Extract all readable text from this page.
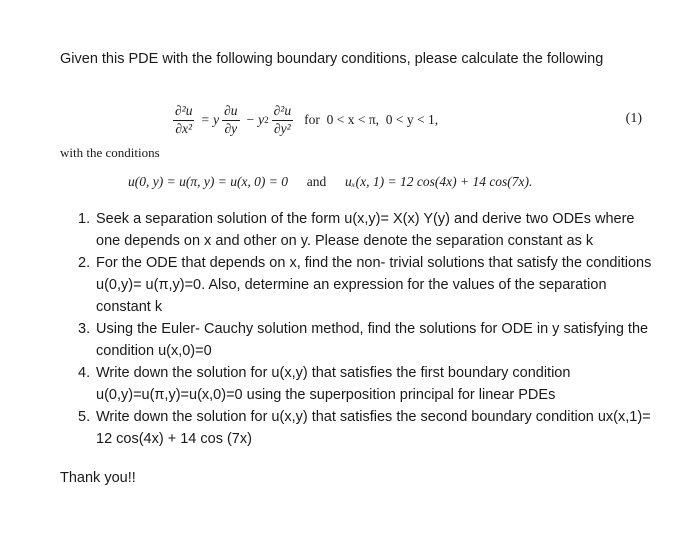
Given this PDE with the following boundary conditions, please calculate the following
$\frac{\text{∂²u}}{\text{∂x²}} = y \frac{\partial u}{\partial y} - y$ $2 \frac{\text{∂²u}}{\text{∂y²}}$ for  0 < x < π,  0 < y < 1,	(1)
with the conditions
u(0, y) = u(π, y) = u(x, 0) = 0 and uₓ(x, 1) = 12 cos(4x) + 14 cos(7x).
1. Seek a separation solution of the form u(x,y)= X(x) Y(y) and derive two ODEs where one depends on x and other on y. Please denote the separation constant as k
2. For the ODE that depends on x, find the non- trivial solutions that satisfy the conditions u(0,y)= u(π,y)=0. Also, determine an expression for the values of the separation constant k
3. Using the Euler- Cauchy solution method, find the solutions for ODE in y satisfying the condition u(x,0)=0
4. Write down the solution for u(x,y) that satisfies the first boundary condition u(0,y)=u(π,y)=u(x,0)=0 using the superposition principal for linear PDEs
5. Write down the solution for u(x,y) that satisfies the second boundary condition ux(x,1)= 12 cos(4x) + 14 cos (7x)
Thank you!!
